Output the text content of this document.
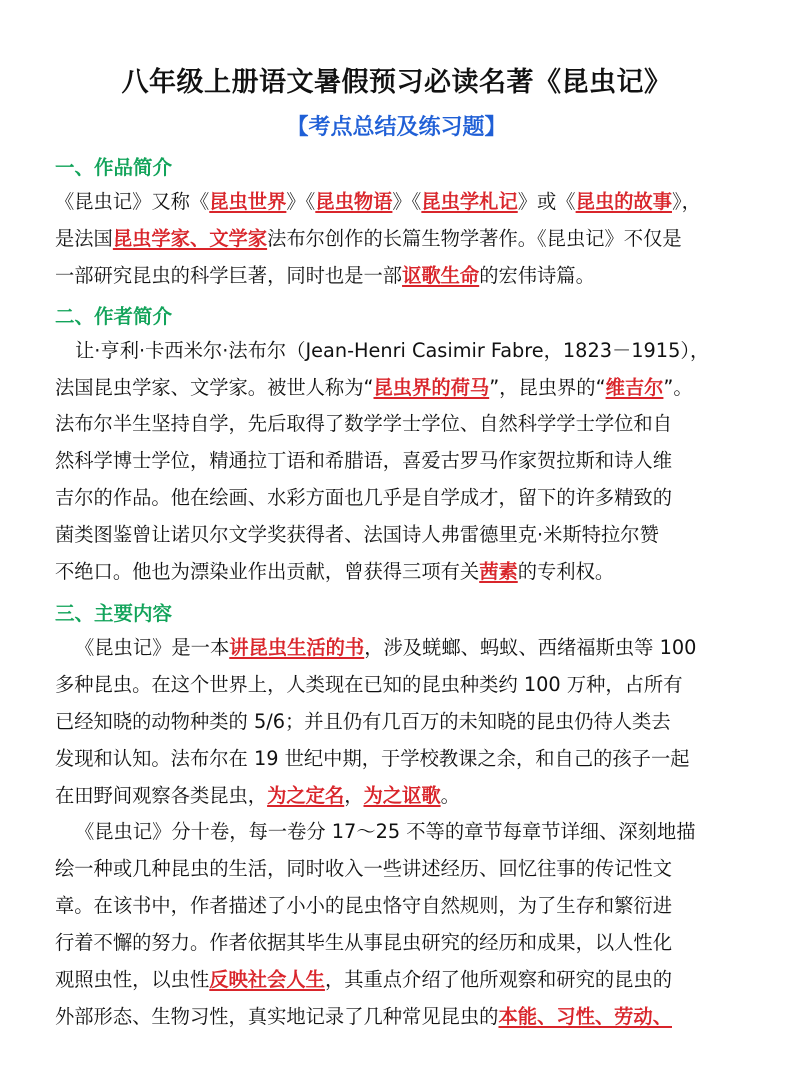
八年级上册语文暑假预习必读名著《昆虫记》
【考点总结及练习题】
一、作品简介
《昆虫记》又称《昆虫世界》《昆虫物语》《昆虫学札记》或《昆虫的故事》，
是法国昆虫学家、文学家法布尔创作的长篇生物学著作。《昆虫记》不仅是
一部研究昆虫的科学巨著，同时也是一部讴歌生命的宏伟诗篇。
二、作者简介
让·亨利·卡西米尔·法布尔（Jean-Henri Casimir Fabre，1823－1915），
法国昆虫学家、文学家。被世人称为“昆虫界的荷马”，昆虫界的“维吉尔”。
法布尔半生坚持自学，先后取得了数学学士学位、自然科学学士学位和自
然科学博士学位，精通拉丁语和希腊语，喜爱古罗马作家贺拉斯和诗人维
吉尔的作品。他在绘画、水彩方面也几乎是自学成才，留下的许多精致的
菌类图鉴曾让诺贝尔文学奖获得者、法国诗人弗雷德里克·米斯特拉尔赞
不绝口。他也为漂染业作出贡献，曾获得三项有关茜素的专利权。
三、主要内容
《昆虫记》是一本讲昆虫生活的书，涉及蜣螂、蚂蚁、西绪福斯虫等 100
多种昆虫。在这个世界上，人类现在已知的昆虫种类约 100 万种，占所有
已经知晓的动物种类的 5/6；并且仍有几百万的未知晓的昆虫仍待人类去
发现和认知。法布尔在 19 世纪中期，于学校教课之余，和自己的孩子一起
在田野间观察各类昆虫，为之定名，为之讴歌。
《昆虫记》分十卷，每一卷分 17～25 不等的章节每章节详细、深刻地描
绘一种或几种昆虫的生活，同时收入一些讲述经历、回忆往事的传记性文
章。在该书中，作者描述了小小的昆虫恪守自然规则，为了生存和繁衍进
行着不懈的努力。作者依据其毕生从事昆虫研究的经历和成果，以人性化
观照虫性，以虫性反映社会人生，其重点介绍了他所观察和研究的昆虫的
外部形态、生物习性，真实地记录了几种常见昆虫的本能、习性、劳动、
